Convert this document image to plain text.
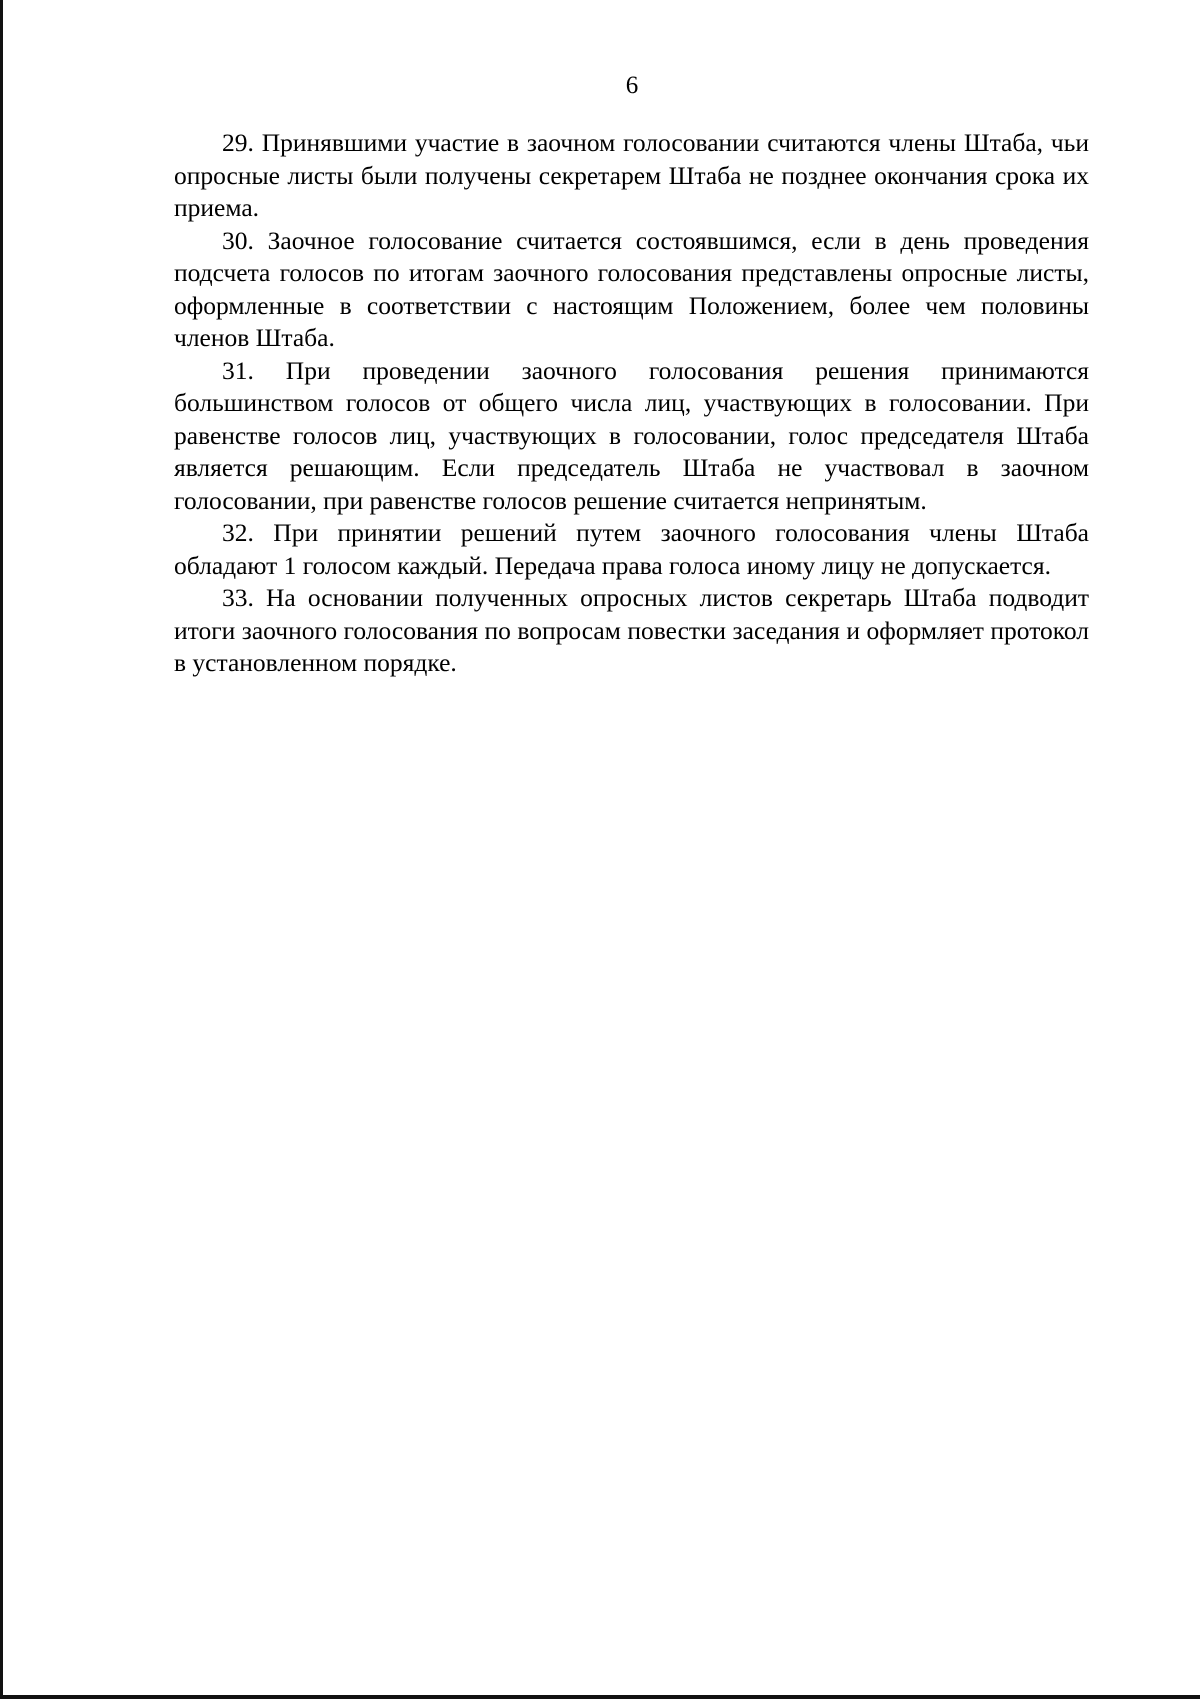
6

29. Принявшими участие в заочном голосовании считаются члены Штаба, чьи опросные листы были получены секретарем Штаба не позднее окончания срока их приема.

30. Заочное голосование считается состоявшимся, если в день проведения подсчета голосов по итогам заочного голосования представлены опросные листы, оформленные в соответствии с настоящим Положением, более чем половины членов Штаба.

31. При проведении заочного голосования решения принимаются большинством голосов от общего числа лиц, участвующих в голосовании. При равенстве голосов лиц, участвующих в голосовании, голос председателя Штаба является решающим. Если председатель Штаба не участвовал в заочном голосовании, при равенстве голосов решение считается непринятым.

32. При принятии решений путем заочного голосования члены Штаба обладают 1 голосом каждый. Передача права голоса иному лицу не допускается.

33. На основании полученных опросных листов секретарь Штаба подводит итоги заочного голосования по вопросам повестки заседания и оформляет протокол в установленном порядке.
